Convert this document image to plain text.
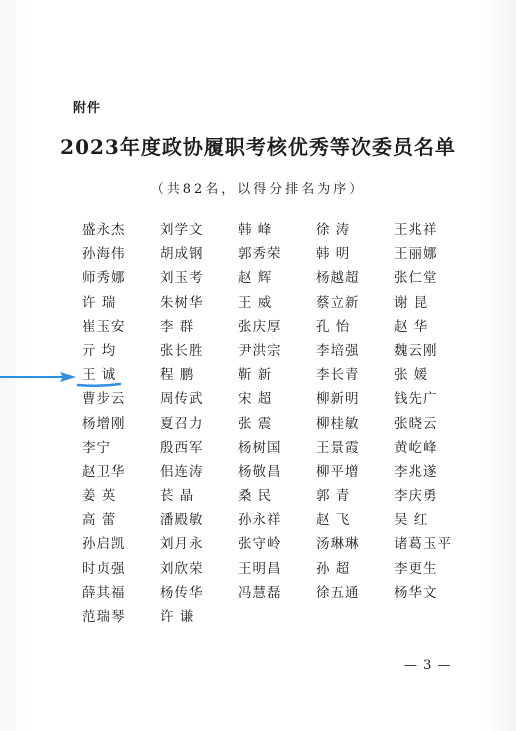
附件
2023年度政协履职考核优秀等次委员名单
（共82名，以得分排名为序）
盛永杰	刘学文	韩 峰	徐 涛	王兆祥
孙海伟	胡成钢	郭秀荣	韩 明	王丽娜
师秀娜	刘玉考	赵 辉	杨越超	张仁堂
许 瑞	朱树华	王 威	蔡立新	谢 昆
崔玉安	李 群	张庆厚	孔 怡	赵 华
亓 均	张长胜	尹洪宗	李培强	魏云刚
王 诚	程 鹏	靳 新	李长青	张 媛
曹步云	周传武	宋 超	柳新明	钱先广
杨增刚	夏召力	张 震	柳桂敏	张晓云
李宁	殷西军	杨树国	王景霞	黄屹峰
赵卫华	佀连涛	杨敬昌	柳平增	李兆遂
姜 英	苌 晶	桑 民	郭 青	李庆勇
高 蕾	潘殿敏	孙永祥	赵 飞	吴 红
孙启凯	刘月永	张守岭	汤琳琳	诸葛玉平
时贞强	刘欣荣	王明昌	孙 超	李更生
薛其福	杨传华	冯慧磊	徐五通	杨华文
范瑞琴	许 谦
— 3 —
